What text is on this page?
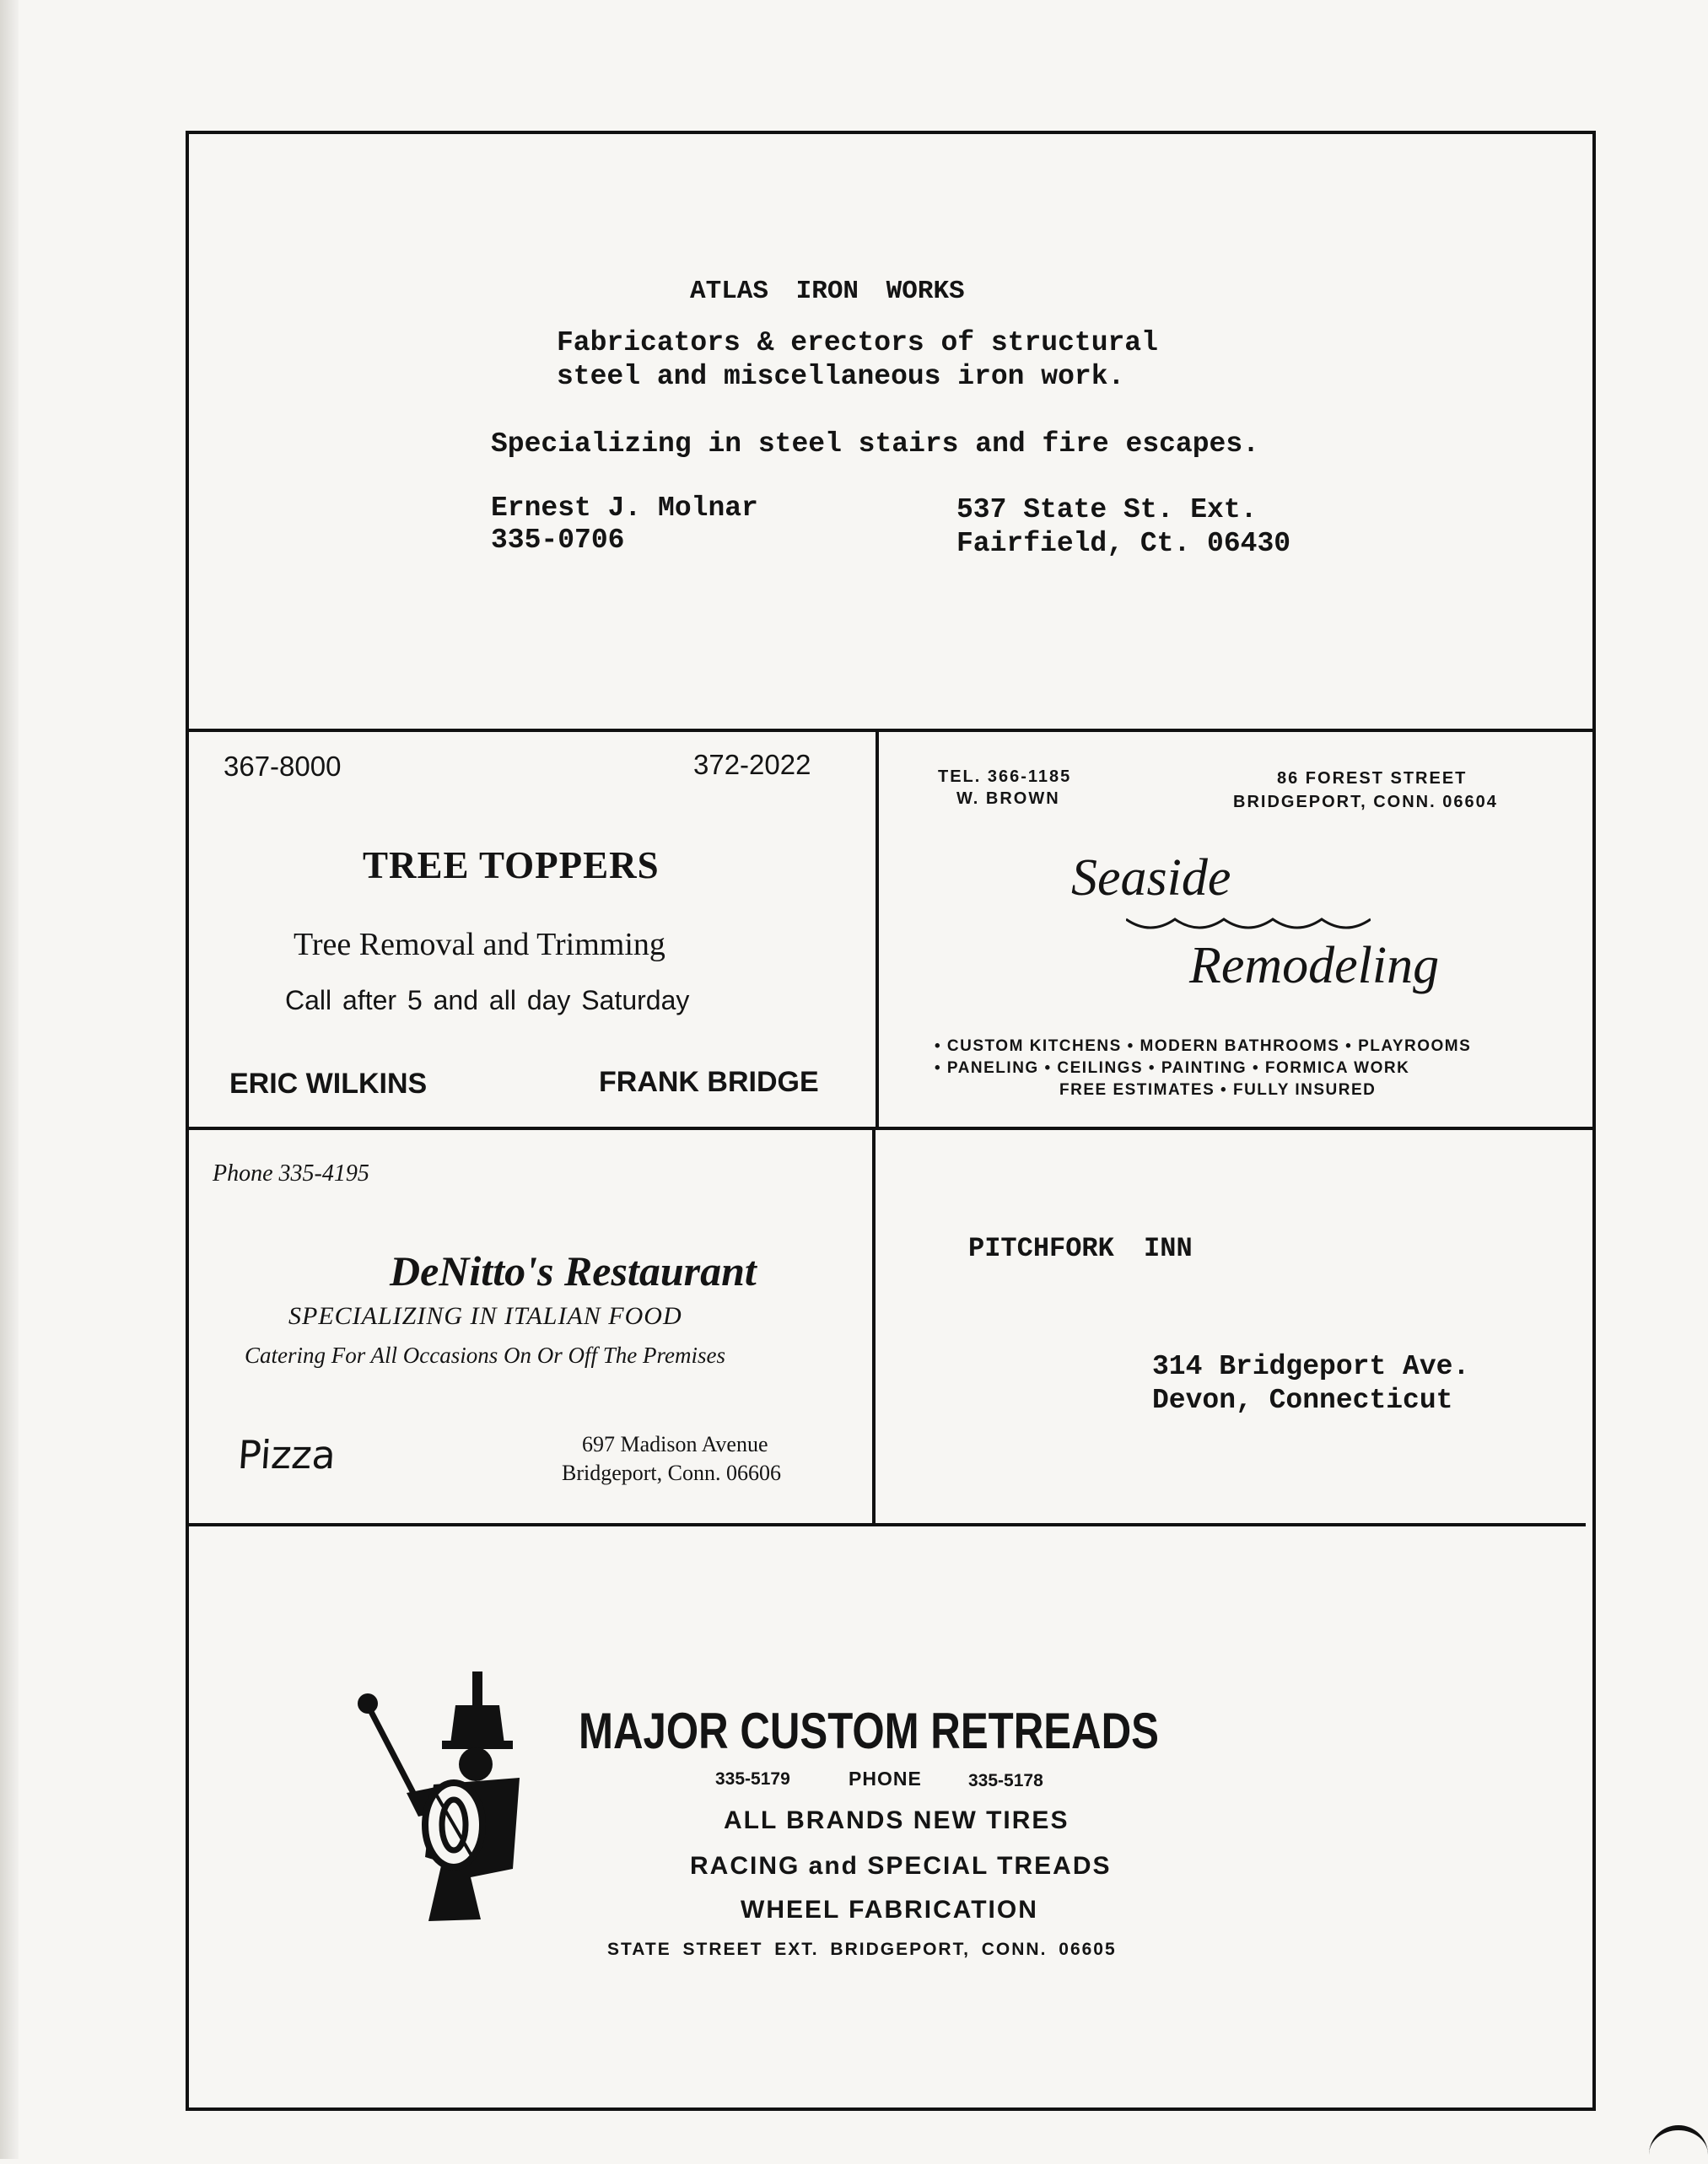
ATLAS IRON WORKS
Fabricators & erectors of structural
steel and miscellaneous iron work.
Specializing in steel stairs and fire escapes.
Ernest J. Molnar
335-0706
537 State St. Ext.
Fairfield, Ct. 06430
367-8000	372-2022
TREE TOPPERS
Tree Removal and Trimming
Call after 5 and all day Saturday
ERIC WILKINS	FRANK BRIDGE
TEL. 366-1185
W. BROWN
86 FOREST STREET
BRIDGEPORT, CONN. 06604
Seaside
Remodeling
• CUSTOM KITCHENS • MODERN BATHROOMS • PLAYROOMS
• PANELING • CEILINGS • PAINTING • FORMICA WORK
FREE ESTIMATES • FULLY INSURED
Phone 335-4195
DeNitto's Restaurant
SPECIALIZING IN ITALIAN FOOD
Catering For All Occasions On Or Off The Premises
Pizza	697 Madison Avenue
Bridgeport, Conn. 06606
PITCHFORK INN
314 Bridgeport Ave.
Devon, Connecticut
MAJOR CUSTOM RETREADS
335-5179	PHONE	335-5178
ALL BRANDS NEW TIRES
RACING and SPECIAL TREADS
WHEEL FABRICATION
STATE STREET EXT. BRIDGEPORT, CONN. 06605
